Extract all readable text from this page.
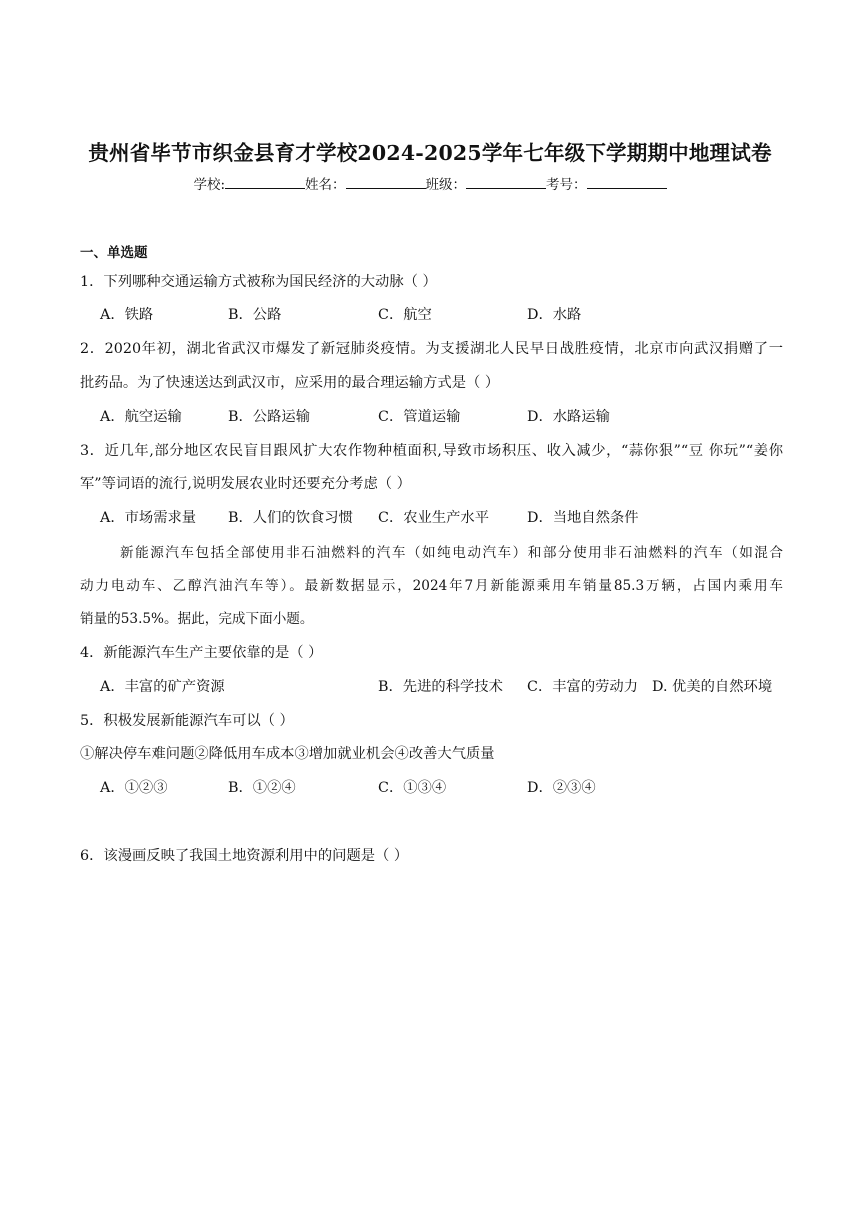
贵州省毕节市织金县育才学校2024-2025学年七年级下学期期中地理试卷
学校:	姓名：	班级：	考号：
一、单选题
1．下列哪种交通运输方式被称为国民经济的大动脉（ ）
A．铁路	B．公路	C．航空	D．水路
2．2020年初，湖北省武汉市爆发了新冠肺炎疫情。为支援湖北人民早日战胜疫情，北京市向武汉捐赠了一
批药品。为了快速送达到武汉市，应采用的最合理运输方式是（ ）
A．航空运输	B．公路运输	C．管道运输	D．水路运输
3．近几年,部分地区农民盲目跟风扩大农作物种植面积,导致市场积压、收入减少，“蒜你狠”“豆 你玩”“姜你
军”等词语的流行,说明发展农业时还要充分考虑（ ）
A．市场需求量 B．人们的饮食习惯 C．农业生产水平	D．当地自然条件
新能源汽车包括全部使用非石油燃料的汽车（如纯电动汽车）和部分使用非石油燃料的汽车（如混合
动力电动车、乙醇汽油汽车等）。最新数据显示，2024年7月新能源乘用车销量85.3万辆，占国内乘用车
销量的53.5%。据此，完成下面小题。
4．新能源汽车生产主要依靠的是（ ）
A．丰富的矿产资源	B．先进的科学技术 C．丰富的劳动力 D. 优美的自然环境
5．积极发展新能源汽车可以（ ）
①解决停车难问题②降低用车成本③增加就业机会④改善大气质量
A．①②③	B．①②④	C．①③④	D．②③④
6．该漫画反映了我国土地资源利用中的问题是（ ）
